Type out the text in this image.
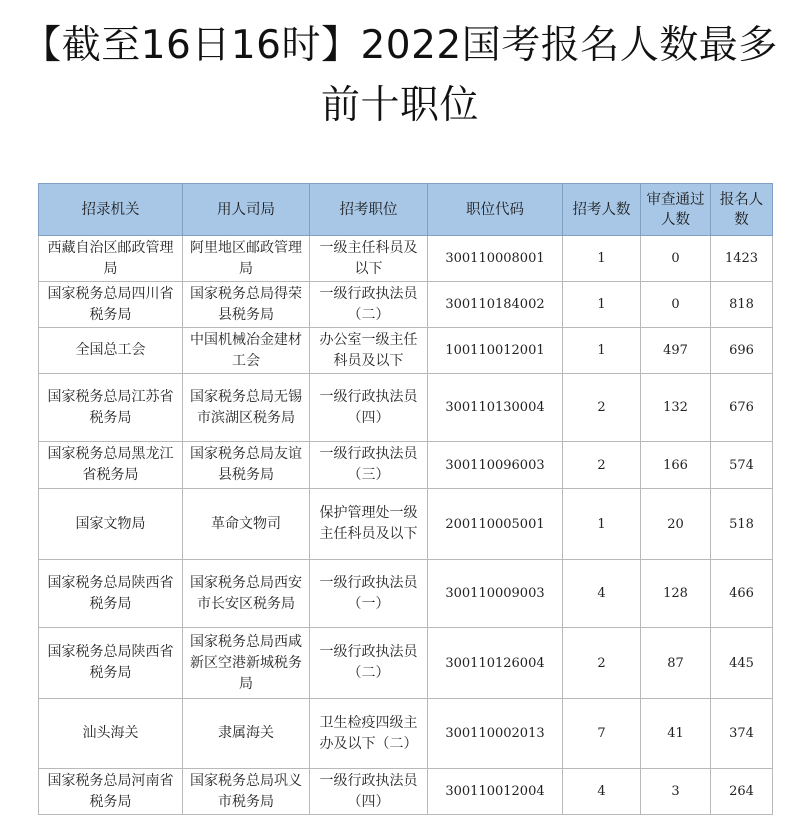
【截至16日16时】2022国考报名人数最多前十职位
招录机关	用人司局	招考职位	职位代码	招考人数	审查通过人数	报名人数
西藏自治区邮政管理局	阿里地区邮政管理局	一级主任科员及以下	300110008001	1	0	1423
国家税务总局四川省税务局	国家税务总局得荣县税务局	一级行政执法员（二）	300110184002	1	0	818
全国总工会	中国机械冶金建材工会	办公室一级主任科员及以下	100110012001	1	497	696
国家税务总局江苏省税务局	国家税务总局无锡市滨湖区税务局	一级行政执法员（四）	300110130004	2	132	676
国家税务总局黑龙江省税务局	国家税务总局友谊县税务局	一级行政执法员（三）	300110096003	2	166	574
国家文物局	革命文物司	保护管理处一级主任科员及以下	200110005001	1	20	518
国家税务总局陕西省税务局	国家税务总局西安市长安区税务局	一级行政执法员（一）	300110009003	4	128	466
国家税务总局陕西省税务局	国家税务总局西咸新区空港新城税务局	一级行政执法员（二）	300110126004	2	87	445
汕头海关	隶属海关	卫生检疫四级主办及以下（二）	300110002013	7	41	374
国家税务总局河南省税务局	国家税务总局巩义市税务局	一级行政执法员（四）	300110012004	4	3	264
